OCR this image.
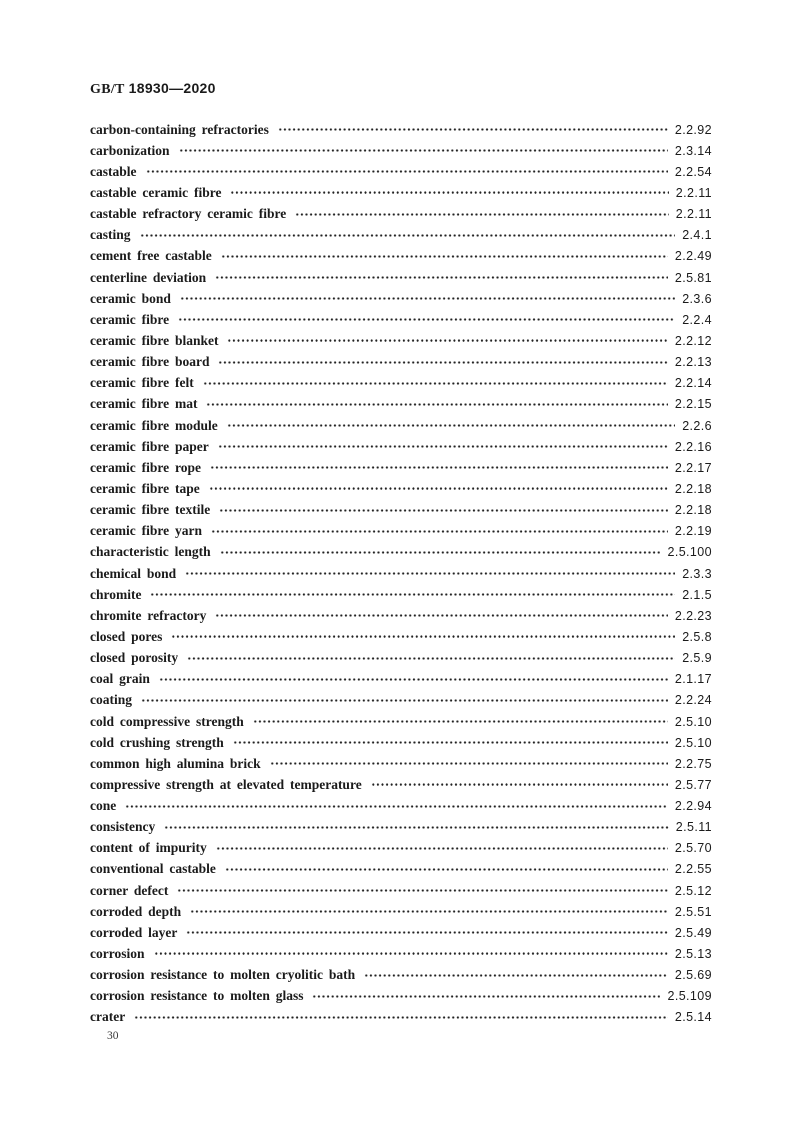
GB/T 18930—2020
carbon-containing refractories	2.2.92
carbonization	2.3.14
castable	2.2.54
castable ceramic fibre	2.2.11
castable refractory ceramic fibre	2.2.11
casting	2.4.1
cement free castable	2.2.49
centerline deviation	2.5.81
ceramic bond	2.3.6
ceramic fibre	2.2.4
ceramic fibre blanket	2.2.12
ceramic fibre board	2.2.13
ceramic fibre felt	2.2.14
ceramic fibre mat	2.2.15
ceramic fibre module	2.2.6
ceramic fibre paper	2.2.16
ceramic fibre rope	2.2.17
ceramic fibre tape	2.2.18
ceramic fibre textile	2.2.18
ceramic fibre yarn	2.2.19
characteristic length	2.5.100
chemical bond	2.3.3
chromite	2.1.5
chromite refractory	2.2.23
closed pores	2.5.8
closed porosity	2.5.9
coal grain	2.1.17
coating	2.2.24
cold compressive strength	2.5.10
cold crushing strength	2.5.10
common high alumina brick	2.2.75
compressive strength at elevated temperature	2.5.77
cone	2.2.94
consistency	2.5.11
content of impurity	2.5.70
conventional castable	2.2.55
corner defect	2.5.12
corroded depth	2.5.51
corroded layer	2.5.49
corrosion	2.5.13
corrosion resistance to molten cryolitic bath	2.5.69
corrosion resistance to molten glass	2.5.109
crater	2.5.14
30
